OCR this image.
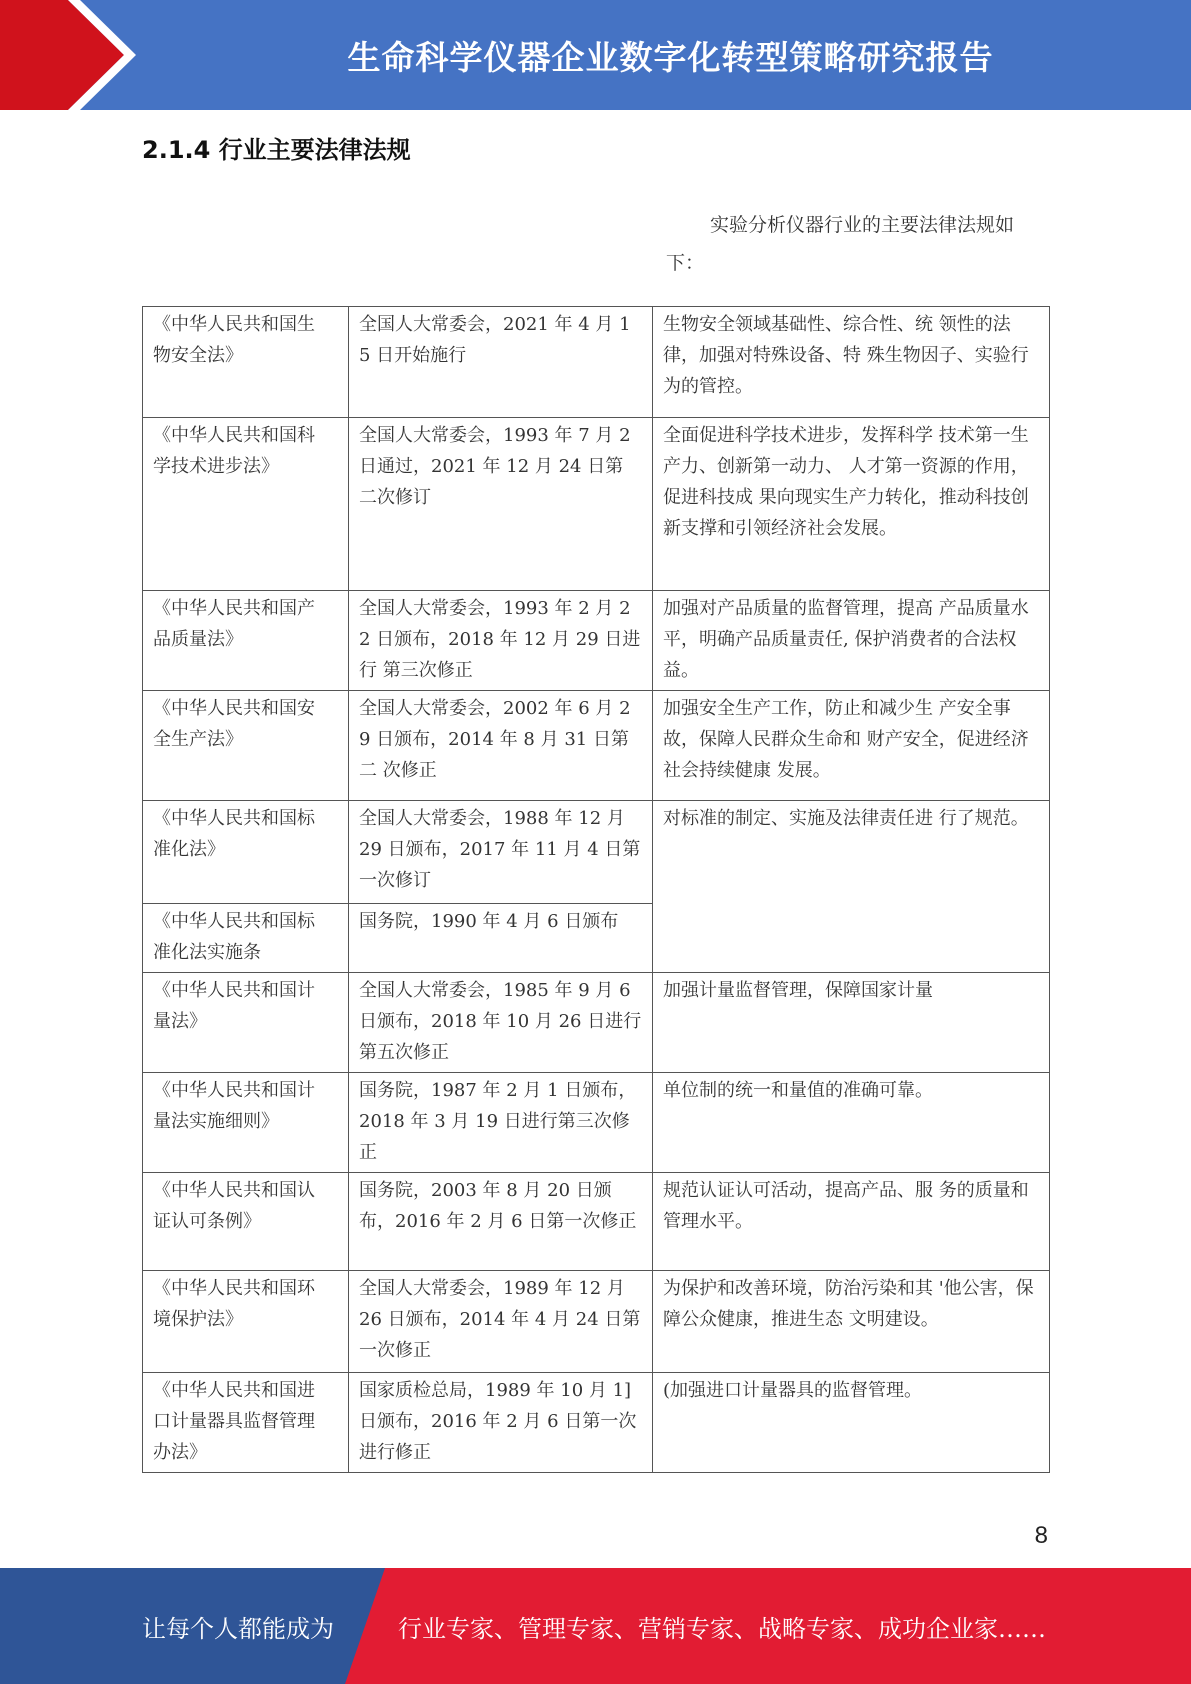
生命科学仪器企业数字化转型策略研究报告
2.1.4 行业主要法律法规
实验分析仪器行业的主要法律法规如
下：
《中华人民共和国生 物安全法》	全国人大常委会，2021 年 4 月 15 日开始施行	生物安全领域基础性、综合性、统 领性的法律，加强对特殊设备、特 殊生物因子、实验行为的管控。
《中华人民共和国科 学技术进步法》	全国人大常委会，1993 年 7 月 2 日通过，2021 年 12 月 24 日第 二次修订	全面促进科学技术进步，发挥科学 技术第一生产力、创新第一动力、 人才第一资源的作用，促进科技成 果向现实生产力转化，推动科技创 新支撑和引领经济社会发展。
《中华人民共和国产 品质量法》	全国人大常委会，1993 年 2 月 22 日颁布，2018 年 12 月 29 日进行 第三次修正	加强对产品质量的监督管理，提高 产品质量水平，明确产品质量责任, 保护消费者的合法权益。
《中华人民共和国安 全生产法》	全国人大常委会，2002 年 6 月 29 日颁布，2014 年 8 月 31 日第二 次修正	加强安全生产工作，防止和减少生 产安全事故，保障人民群众生命和 财产安全，促进经济社会持续健康 发展。
《中华人民共和国标 准化法》	全国人大常委会，1988 年 12 月 29 日颁布，2017 年 11 月 4 日第 一次修订	对标准的制定、实施及法律责任进 行了规范。
《中华人民共和国标 准化法实施条	国务院，1990 年 4 月 6 日颁布	
《中华人民共和国计 量法》	全国人大常委会，1985 年 9 月 6 日颁布，2018 年 10 月 26 日进行 第五次修正	加强计量监督管理，保障国家计量
《中华人民共和国计 量法实施细则》	国务院，1987 年 2 月 1 日颁布， 2018 年 3 月 19 日进行第三次修 正	单位制的统一和量值的准确可靠。
《中华人民共和国认 证认可条例》	国务院，2003 年 8 月 20 日颁布，2016 年 2 月 6 日第一次修正	规范认证认可活动，提高产品、服 务的质量和管理水平。
《中华人民共和国环 境保护法》	全国人大常委会，1989 年 12 月 26 日颁布，2014 年 4 月 24 日第 一次修正	为保护和改善环境，防治污染和其 '他公害，保障公众健康，推进生态 文明建设。
《中华人民共和国进 口计量器具监督管理 办法》	国家质检总局，1989 年 10 月 1] 日颁布，2016 年 2 月 6 日第一次 进行修正	(加强进口计量器具的监督管理。
8
让每个人都能成为	行业专家、管理专家、营销专家、战略专家、成功企业家……
